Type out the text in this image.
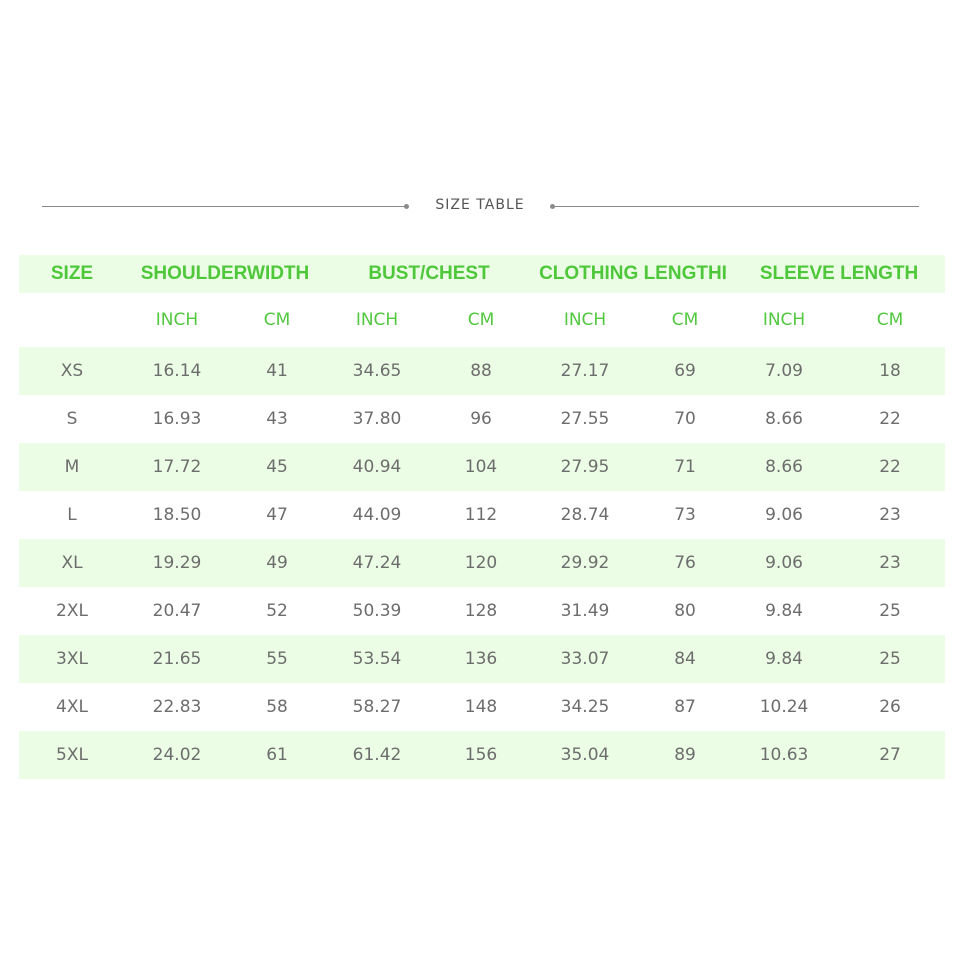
SIZE TABLE
SIZE	SHOULDERWIDTH		BUST/CHEST		CLOTHING LENGTHI		SLEEVE LENGTH	
	INCH	CM	INCH	CM	INCH	CM	INCH	CM
XS	16.14	41	34.65	88	27.17	69	7.09	18
S	16.93	43	37.80	96	27.55	70	8.66	22
M	17.72	45	40.94	104	27.95	71	8.66	22
L	18.50	47	44.09	112	28.74	73	9.06	23
XL	19.29	49	47.24	120	29.92	76	9.06	23
2XL	20.47	52	50.39	128	31.49	80	9.84	25
3XL	21.65	55	53.54	136	33.07	84	9.84	25
4XL	22.83	58	58.27	148	34.25	87	10.24	26
5XL	24.02	61	61.42	156	35.04	89	10.63	27
